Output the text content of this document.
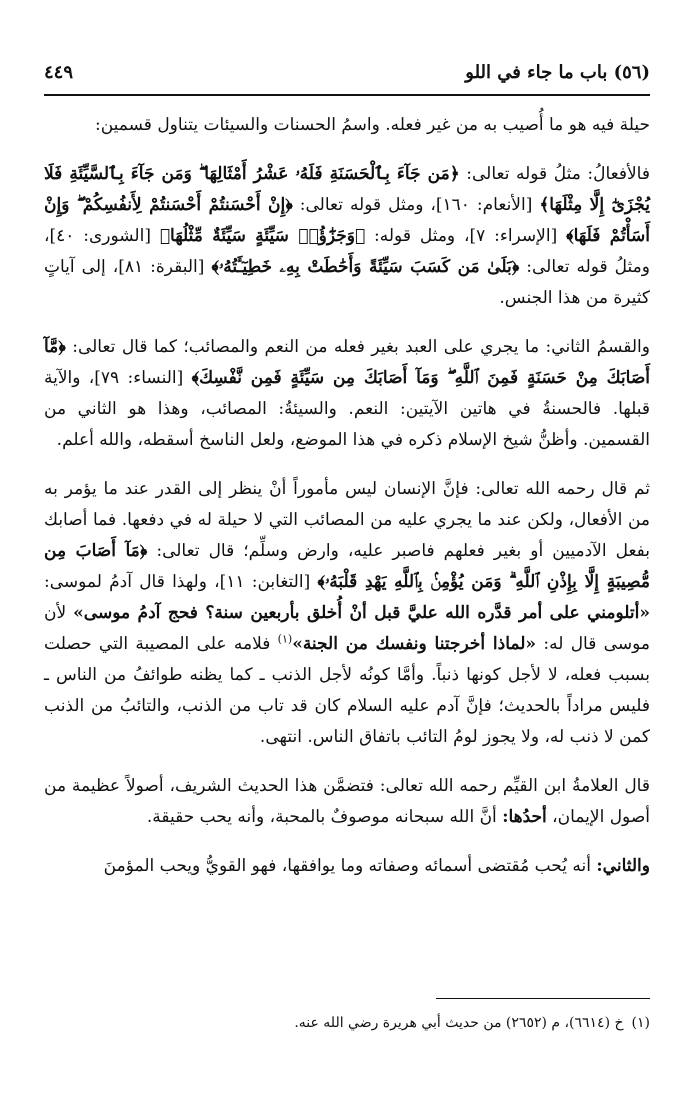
(٥٦) باب ما جاء في اللو
٤٤٩

حيلة فيه هو ما أُصيب به من غير فعله. واسمُ الحسنات والسيئات يتناول قسمين:

فالأفعالُ: مثلُ قوله تعالى: ﴿مَن جَآءَ بِٱلْحَسَنَةِ فَلَهُۥ عَشْرُ أَمْثَالِهَا ۖ وَمَن جَآءَ بِٱلسَّيِّئَةِ فَلَا يُجْزَىٰٓ إِلَّا مِثْلَهَا﴾ [الأنعام: ١٦٠]، ومثل قوله تعالى: ﴿إِنْ أَحْسَنتُمْ أَحْسَنتُمْ لِأَنفُسِكُمْ ۖ وَإِنْ أَسَأْتُمْ فَلَهَا﴾ [الإسراء: ٧]، ومثل قوله: ﴿وَجَزَٰٓؤُا۟ سَيِّئَةٍ سَيِّئَةٌ مِّثْلُهَا﴾ [الشورى: ٤٠]، ومثلُ قوله تعالى: ﴿بَلَىٰ مَن كَسَبَ سَيِّئَةً وَأَحَٰطَتْ بِهِۦ خَطِيٓـَٔتُهُۥ﴾ [البقرة: ٨١]، إلى آياتٍ كثيرة من هذا الجنس.

والقسمُ الثاني: ما يجري على العبد بغير فعله من النعم والمصائب؛ كما قال تعالى: ﴿مَّآ أَصَابَكَ مِنْ حَسَنَةٍ فَمِنَ ٱللَّهِ ۖ وَمَآ أَصَابَكَ مِن سَيِّئَةٍ فَمِن نَّفْسِكَ﴾ [النساء: ٧٩]، والآية قبلها. فالحسنةُ في هاتين الآيتين: النعم. والسيئةُ: المصائب، وهذا هو الثاني من القسمين. وأظنُّ شيخ الإسلام ذكره في هذا الموضع، ولعل الناسخ أسقطه، والله أعلم.

ثم قال رحمه الله تعالى: فإنَّ الإنسان ليس مأموراً أنْ ينظر إلى القدر عند ما يؤمر به من الأفعال، ولكن عند ما يجري عليه من المصائب التي لا حيلة له في دفعها. فما أصابك بفعل الآدميين أو بغير فعلهم فاصبر عليه، وارض وسلِّم؛ قال تعالى: ﴿مَآ أَصَابَ مِن مُّصِيبَةٍ إِلَّا بِإِذْنِ ٱللَّهِ ۗ وَمَن يُؤْمِنۢ بِٱللَّهِ يَهْدِ قَلْبَهُۥ﴾ [التغابن: ١١]، ولهذا قال آدمُ لموسى: «أتلومني على أمر قدَّره الله عليَّ قبل أنْ أُخلق بأربعين سنة؟ فحج آدمُ موسى» لأن موسى قال له: «لماذا أخرجتنا ونفسك من الجنة»$^{(١)}$ فلامه على المصيبة التي حصلت بسبب فعله، لا لأجل كونها ذنباً. وأمَّا كونُه لأجل الذنب ـ كما يظنه طوائفُ من الناس ـ فليس مراداً بالحديث؛ فإنَّ آدم عليه السلام كان قد تاب من الذنب، والتائبُ من الذنب كمن لا ذنب له، ولا يجوز لومُ التائب باتفاق الناس. انتهى.

قال العلامةُ ابن القيِّم رحمه الله تعالى: فتضمَّن هذا الحديث الشريف، أصولاً عظيمة من أصول الإيمان، أحدُها: أنَّ الله سبحانه موصوفٌ بالمحبة، وأنه يحب حقيقة.

والثاني: أنه يُحب مُقتضى أسمائه وصفاته وما يوافقها، فهو القويُّ ويحب المؤمنَ

(١)خ (٦٦١٤)، م (٢٦٥٢) من حديث أبي هريرة رضي الله عنه.
